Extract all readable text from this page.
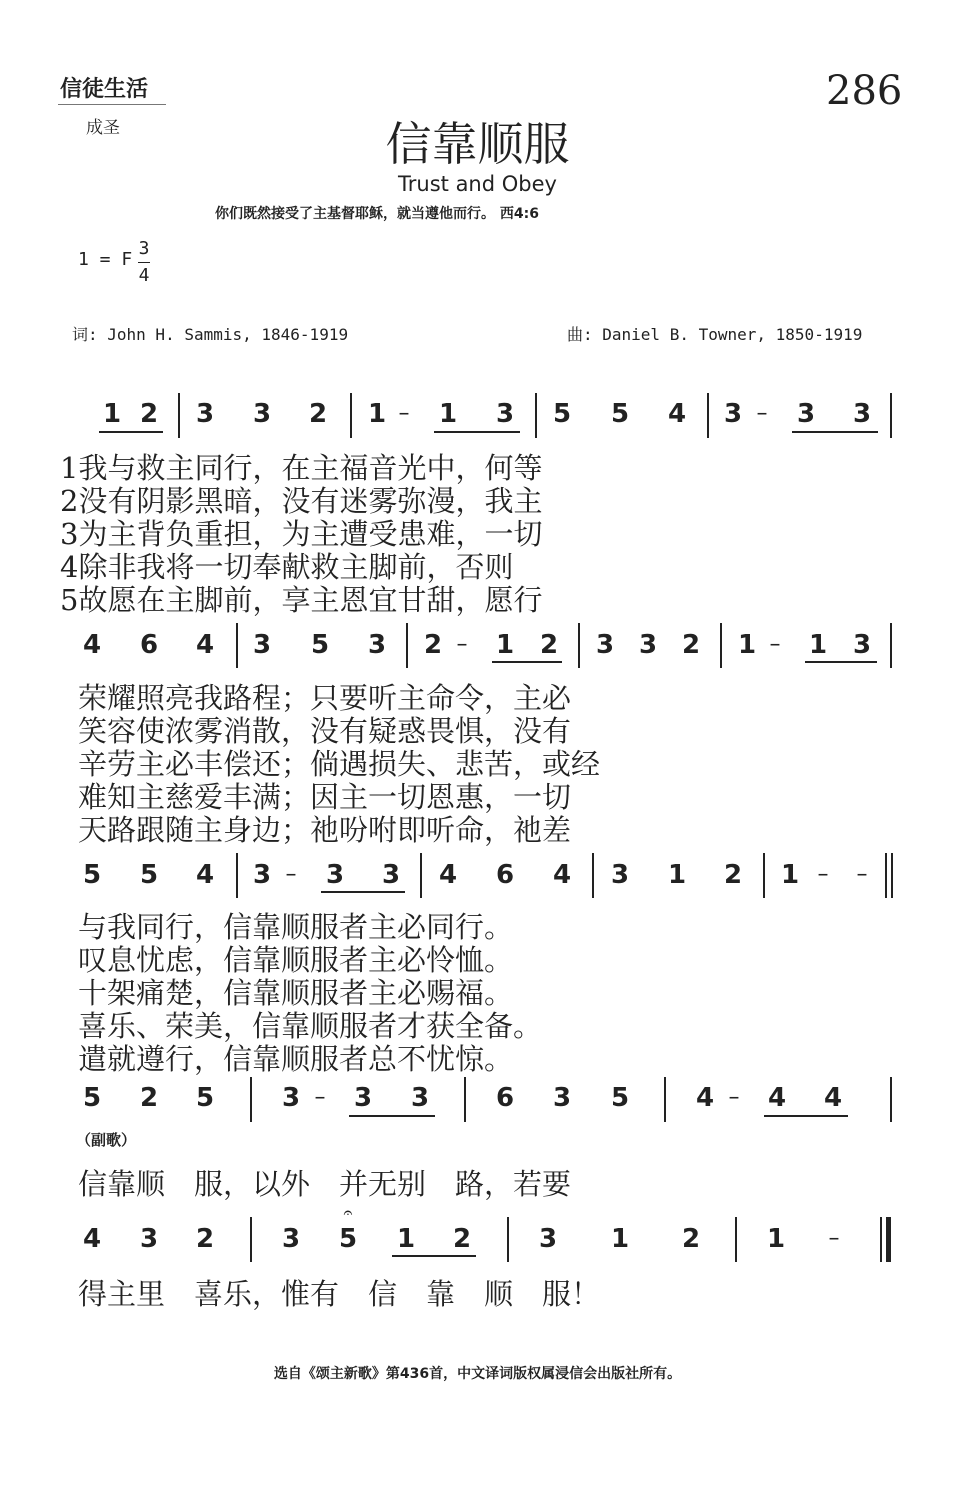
信徒生活
成圣
286
信靠顺服
Trust and Obey
你们既然接受了主基督耶稣，就当遵他而行。 西4:6
1 = F
3
4
词: John H. Sammis, 1846-1919	曲: Daniel B. Towner, 1850-1919
1 2 3 3 2 1 – 1 3 5 5 4 3 – 3 3
1我与救主同行，在主福音光中，何等
2没有阴影黑暗，没有迷雾弥漫，我主
3为主背负重担，为主遭受患难，一切
4除非我将一切奉献救主脚前，否则
5故愿在主脚前，享主恩宜甘甜，愿行
4 6 4 3 5 3 2 – 1 2 3 3 2 1 – 1 3
荣耀照亮我路程；只要听主命令，主必
笑容使浓雾消散，没有疑惑畏惧，没有
辛劳主必丰偿还；倘遇损失、悲苦，或经
难知主慈爱丰满；因主一切恩惠，一切
天路跟随主身边；祂吩咐即听命，祂差
5 5 4 3 – 3 3 4 6 4 3 1 2 1 – –
与我同行，信靠顺服者主必同行。
叹息忧虑，信靠顺服者主必怜恤。
十架痛楚，信靠顺服者主必赐福。
喜乐、荣美，信靠顺服者才获全备。
遣就遵行，信靠顺服者总不忧惊。
5 2 5	3 – 3 3	6 3 5	4 – 4 4
（副歌）
信靠顺　服，以外　并无别　路，若要
4 3 2	3
𝄐
5 1 2	3 1 2	1 –
得主里　喜乐，惟有　信　靠　顺　服！
选自《颂主新歌》第436首，中文译词版权属浸信会出版社所有。
